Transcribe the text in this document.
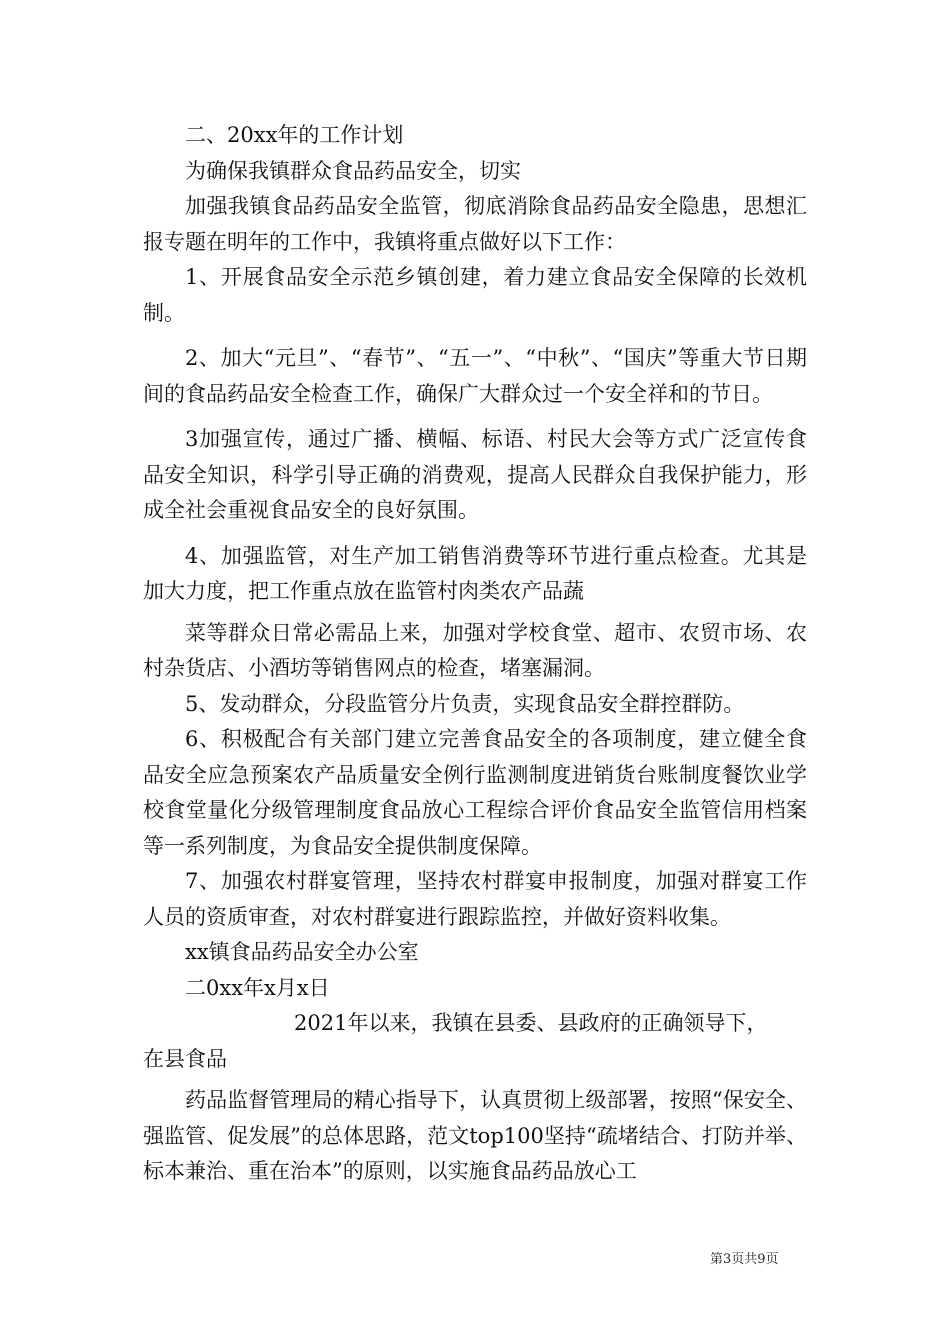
二、20xx年的工作计划

为确保我镇群众食品药品安全，切实

加强我镇食品药品安全监管，彻底消除食品药品安全隐患，思想汇报专题在明年的工作中，我镇将重点做好以下工作：

1、开展食品安全示范乡镇创建，着力建立食品安全保障的长效机制。

2、加大“元旦”、“春节”、“五一”、“中秋”、“国庆”等重大节日期间的食品药品安全检查工作，确保广大群众过一个安全祥和的节日。

3加强宣传，通过广播、横幅、标语、村民大会等方式广泛宣传食品安全知识，科学引导正确的消费观，提高人民群众自我保护能力，形成全社会重视食品安全的良好氛围。

4、加强监管，对生产加工销售消费等环节进行重点检查。尤其是加大力度，把工作重点放在监管村肉类农产品蔬

菜等群众日常必需品上来，加强对学校食堂、超市、农贸市场、农村杂货店、小酒坊等销售网点的检查，堵塞漏洞。

5、发动群众，分段监管分片负责，实现食品安全群控群防。

6、积极配合有关部门建立完善食品安全的各项制度，建立健全食品安全应急预案农产品质量安全例行监测制度进销货台账制度餐饮业学校食堂量化分级管理制度食品放心工程综合评价食品安全监管信用档案等一系列制度，为食品安全提供制度保障。

7、加强农村群宴管理，坚持农村群宴申报制度，加强对群宴工作人员的资质审查，对农村群宴进行跟踪监控，并做好资料收集。

xx镇食品药品安全办公室

二0xx年x月x日

2021年以来，我镇在县委、县政府的正确领导下，

在县食品

药品监督管理局的精心指导下，认真贯彻上级部署，按照“保安全、强监管、促发展”的总体思路，范文top100坚持“疏堵结合、打防并举、标本兼治、重在治本”的原则，以实施食品药品放心工

第3页共9页
